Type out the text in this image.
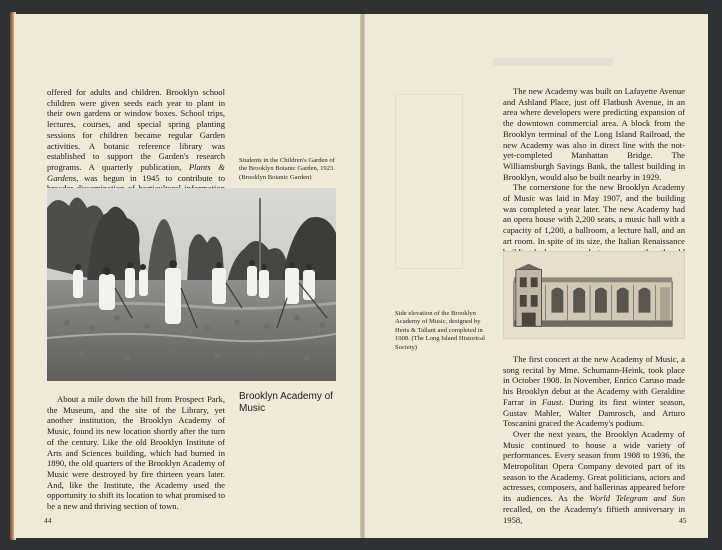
offered for adults and children. Brooklyn school children were given seeds each year to plant in their own gardens or window boxes. School trips, lectures, courses, and special spring planting sessions for children became regular Garden activities. A botanic reference library was established to support the Garden's research programs. A quarterly publication, Plants & Gardens, was begun in 1945 to contribute to
Students in the Children's Garden of the Brooklyn Botanic Garden, 1923. (Brooklyn Botanic Garden)

About a mile down the hill from Prospect Park, the Museum, and the site of the Library, yet another institution, the Brooklyn Academy of Music, found its new location shortly after the turn of the century. Like the old Brooklyn Institute of Arts and Sciences building, which had burned in 1890, the old quarters of the Brooklyn Academy of Music were destroyed by fire thirteen years later. And, like the Institute, the Academy used the opportunity to shift its location to what promised to be a new and thriving section of town.

Brooklyn Academy of Music
44

The new Academy was built on Lafayette Avenue and Ashland Place, just off Flatbush Avenue, in an area where developers were predicting expansion of the downtown commercial area. A block from the Brooklyn terminal of the Long Island Railroad, the new Academy was also in direct line with the not-yet-completed Manhattan Bridge. The Williamsburgh Savings Bank, the tallest building in Brooklyn, would also be built nearby in 1929.

The cornerstone for the new Brooklyn Academy of Music was laid in May 1907, and the building was completed a year later. The new Academy had an opera house with 2,200 seats, a music hall with a capacity of 1,200, a ballroom, a lecture hall, and an art room. In spite of its size, the Italian Renaissance

Side elevation of the Brooklyn Academy of Music, designed by Herts & Tallant and completed in 1908. (The Long Island Historical Society)

The first concert at the new Academy of Music, a song recital by Mme. Schumann-Heink, took place in October 1908. In November, Enrico Caruso made his Brooklyn debut at the Academy with Geraldine Farrar in Faust. During its first winter season, Gustav Mahler, Walter Damrosch, and Arturo Toscanini graced the Academy's podium.

Over the next years, the Brooklyn Academy of Music continued to house a wide variety of performances. Every season from 1908 to 1936, the Metropolitan Opera Company devoted part of its season to the Academy. Great politicians, actors and actresses, composers, and ballerinas appeared before its audiences. As the World Telegram and Sun recalled, on the Academy's fiftieth anniversary in 1958,	45
